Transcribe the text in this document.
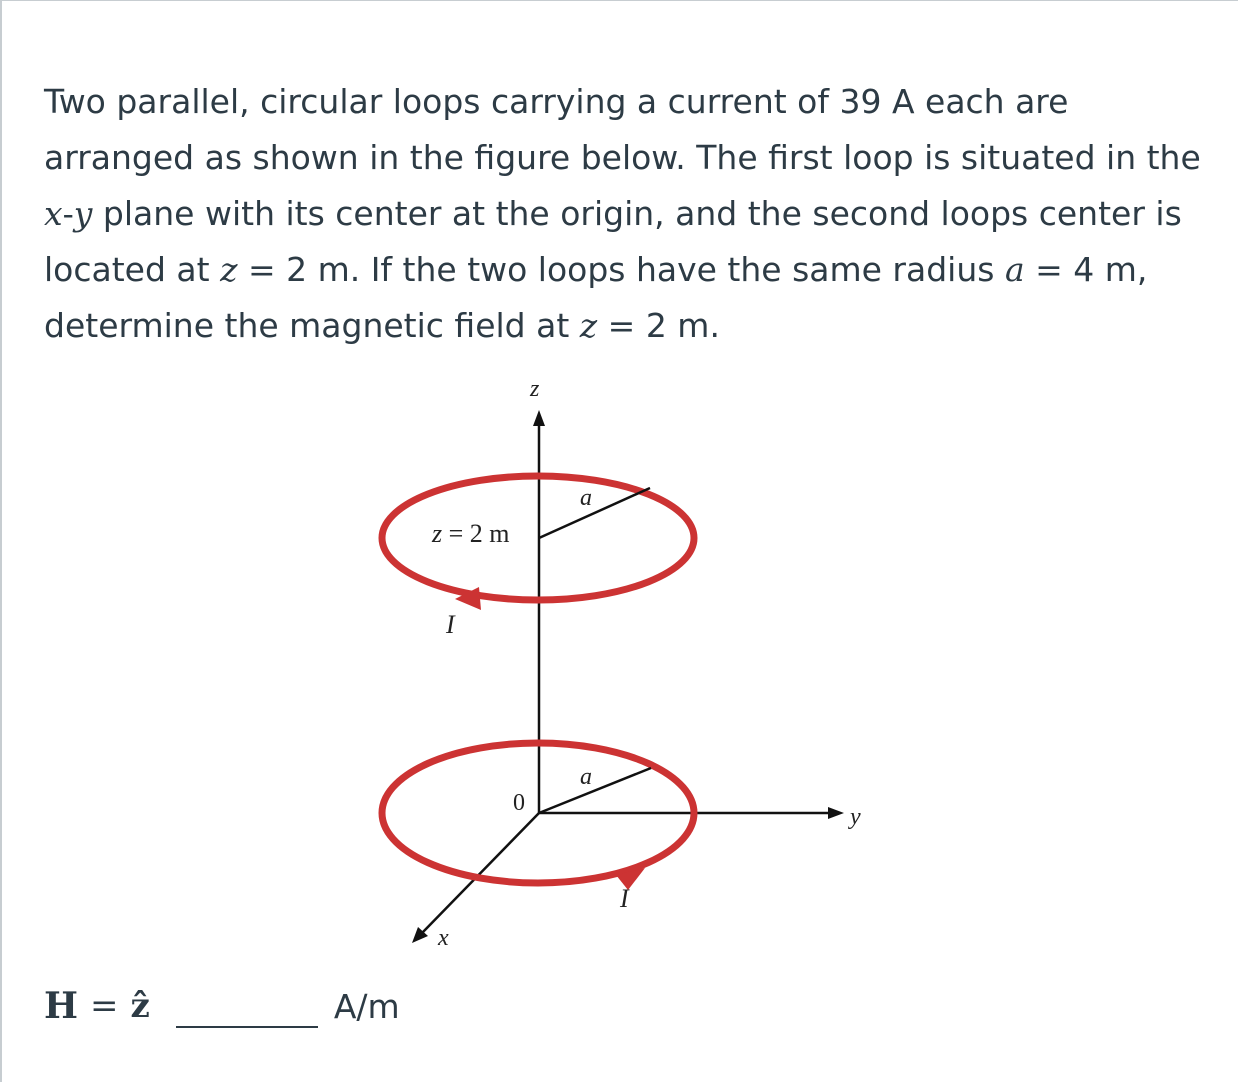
Two parallel, circular loops carrying a current of 39 A each are arranged as shown in the figure below. The first loop is situated in the x-y plane with its center at the origin, and the second loops center is located at z = 2 m. If the two loops have the same radius a = 4 m, determine the magnetic field at z = 2 m.
z
y
x
a
z = 2 m
I
a
0
I
H = ẑ	A/m
